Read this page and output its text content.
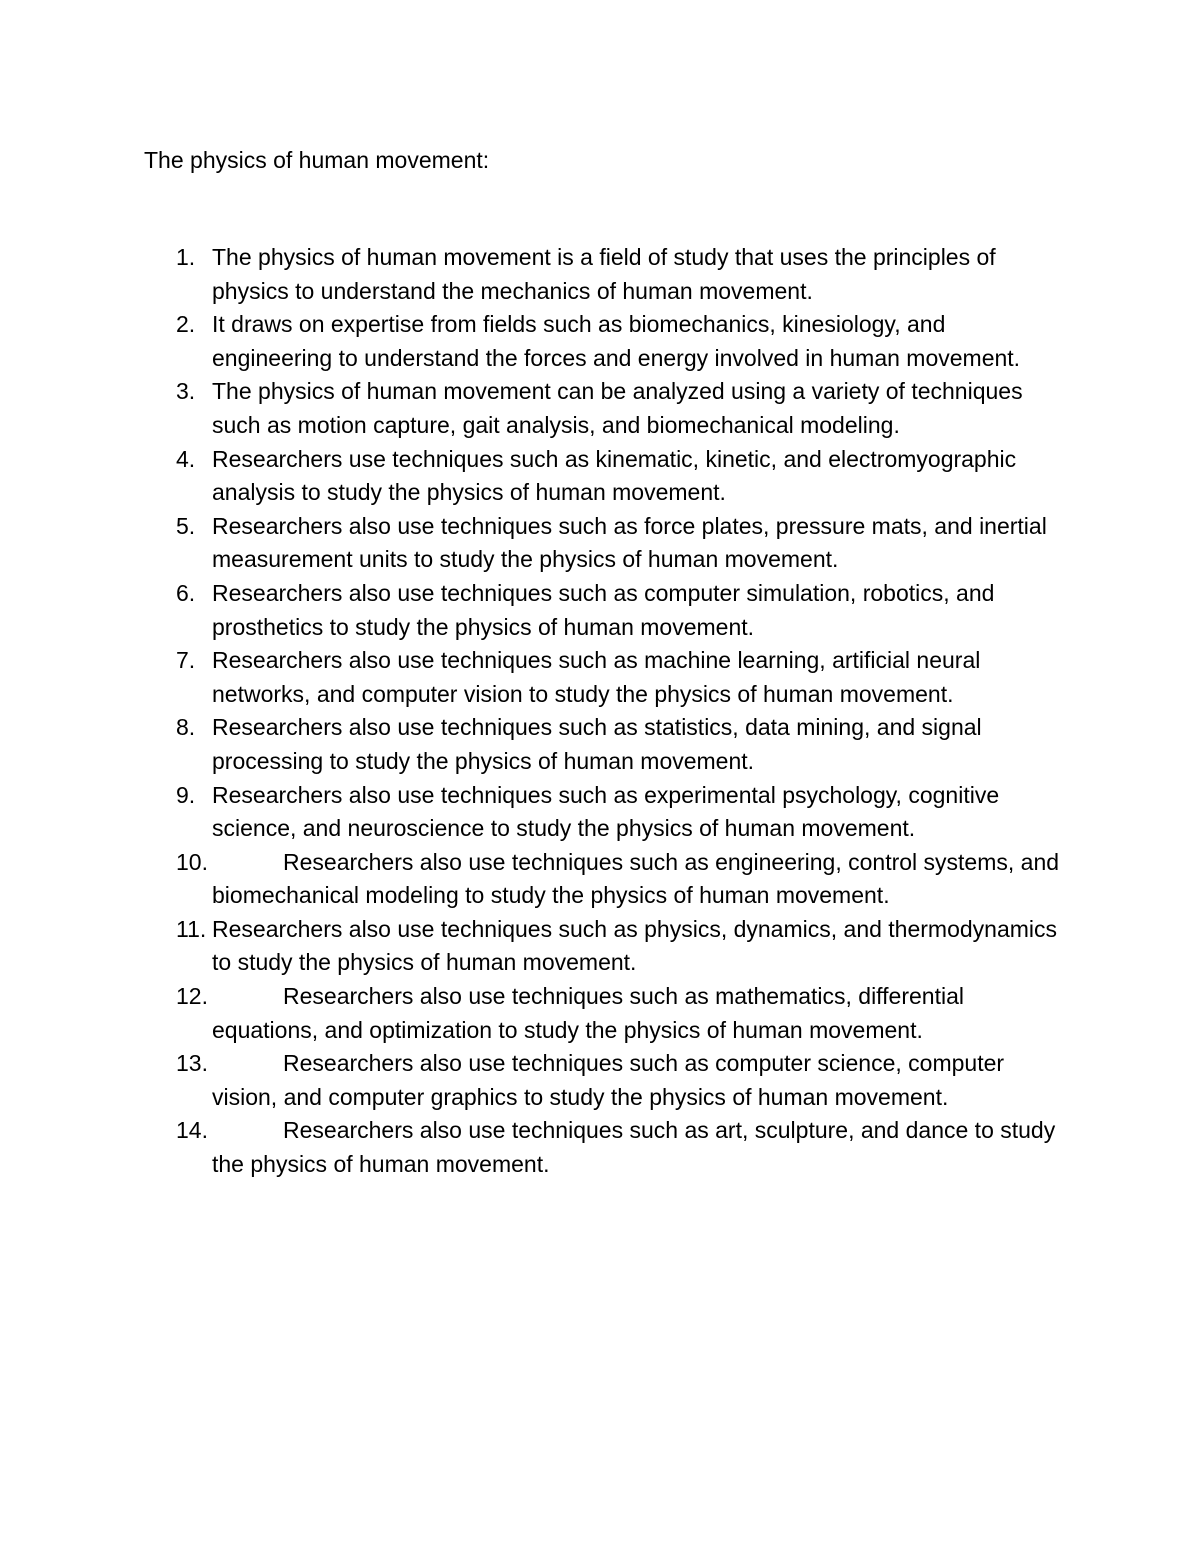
The physics of human movement:
1. The physics of human movement is a field of study that uses the principles of physics to understand the mechanics of human movement.
2. It draws on expertise from fields such as biomechanics, kinesiology, and engineering to understand the forces and energy involved in human movement.
3. The physics of human movement can be analyzed using a variety of techniques such as motion capture, gait analysis, and biomechanical modeling.
4. Researchers use techniques such as kinematic, kinetic, and electromyographic analysis to study the physics of human movement.
5. Researchers also use techniques such as force plates, pressure mats, and inertial measurement units to study the physics of human movement.
6. Researchers also use techniques such as computer simulation, robotics, and prosthetics to study the physics of human movement.
7. Researchers also use techniques such as machine learning, artificial neural networks, and computer vision to study the physics of human movement.
8. Researchers also use techniques such as statistics, data mining, and signal processing to study the physics of human movement.
9. Researchers also use techniques such as experimental psychology, cognitive science, and neuroscience to study the physics of human movement.
10.	Researchers also use techniques such as engineering, control systems, and biomechanical modeling to study the physics of human movement.
11. Researchers also use techniques such as physics, dynamics, and thermodynamics to study the physics of human movement.
12.	Researchers also use techniques such as mathematics, differential equations, and optimization to study the physics of human movement.
13.	Researchers also use techniques such as computer science, computer vision, and computer graphics to study the physics of human movement.
14.	Researchers also use techniques such as art, sculpture, and dance to study the physics of human movement.
